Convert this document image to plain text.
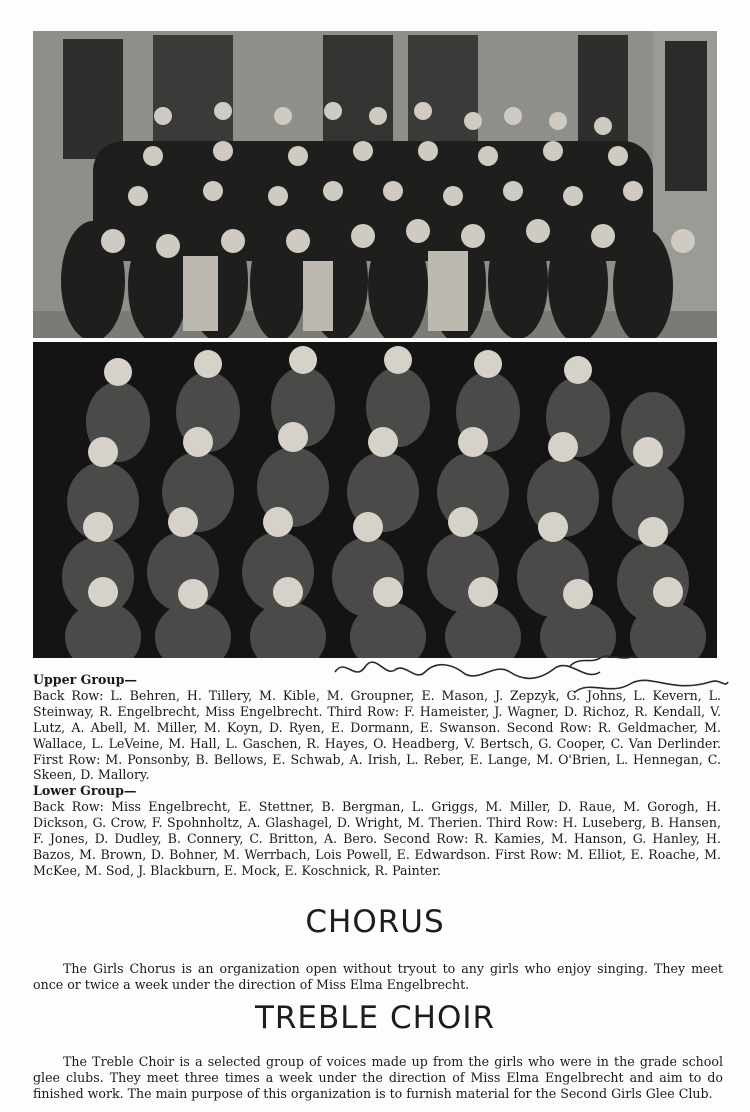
Upper Group—
Back Row: L. Behren, H. Tillery, M. Kible, M. Groupner, E. Mason, J. Zepzyk, G. Johns, L. Kevern, L. Steinway, R. Engelbrecht, Miss Engelbrecht. Third Row: F. Hameister, J. Wagner, D. Richoz, R. Kendall, V. Lutz, A. Abell, M. Miller, M. Koyn, D. Ryen, E. Dormann, E. Swanson. Second Row: R. Geldmacher, M. Wallace, L. LeVeine, M. Hall, L. Gaschen, R. Hayes, O. Headberg, V. Bertsch, G. Cooper, C. Van Derlinder. First Row: M. Ponsonby, B. Bellows, E. Schwab, A. Irish, L. Reber, E. Lange, M. O'Brien, L. Hennegan, C. Skeen, D. Mallory.

Lower Group—
Back Row: Miss Engelbrecht, E. Stettner, B. Bergman, L. Griggs, M. Miller, D. Raue, M. Gorogh, H. Dickson, G. Crow, F. Spohnholtz, A. Glashagel, D. Wright, M. Therien. Third Row: H. Luseberg, B. Hansen, F. Jones, D. Dudley, B. Connery, C. Britton, A. Bero. Second Row: R. Kamies, M. Hanson, G. Hanley, H. Bazos, M. Brown, D. Bohner, M. Werrbach, Lois Powell, E. Edwardson. First Row: M. Elliot, E. Roache, M. McKee, M. Sod, J. Blackburn, E. Mock, E. Koschnick, R. Painter.

CHORUS

The Girls Chorus is an organization open without tryout to any girls who enjoy singing. They meet once or twice a week under the direction of Miss Elma Engelbrecht.

TREBLE CHOIR

The Treble Choir is a selected group of voices made up from the girls who were in the grade school glee clubs. They meet three times a week under the direction of Miss Elma Engelbrecht and aim to do finished work. The main purpose of this organization is to furnish material for the Second Girls Glee Club.
